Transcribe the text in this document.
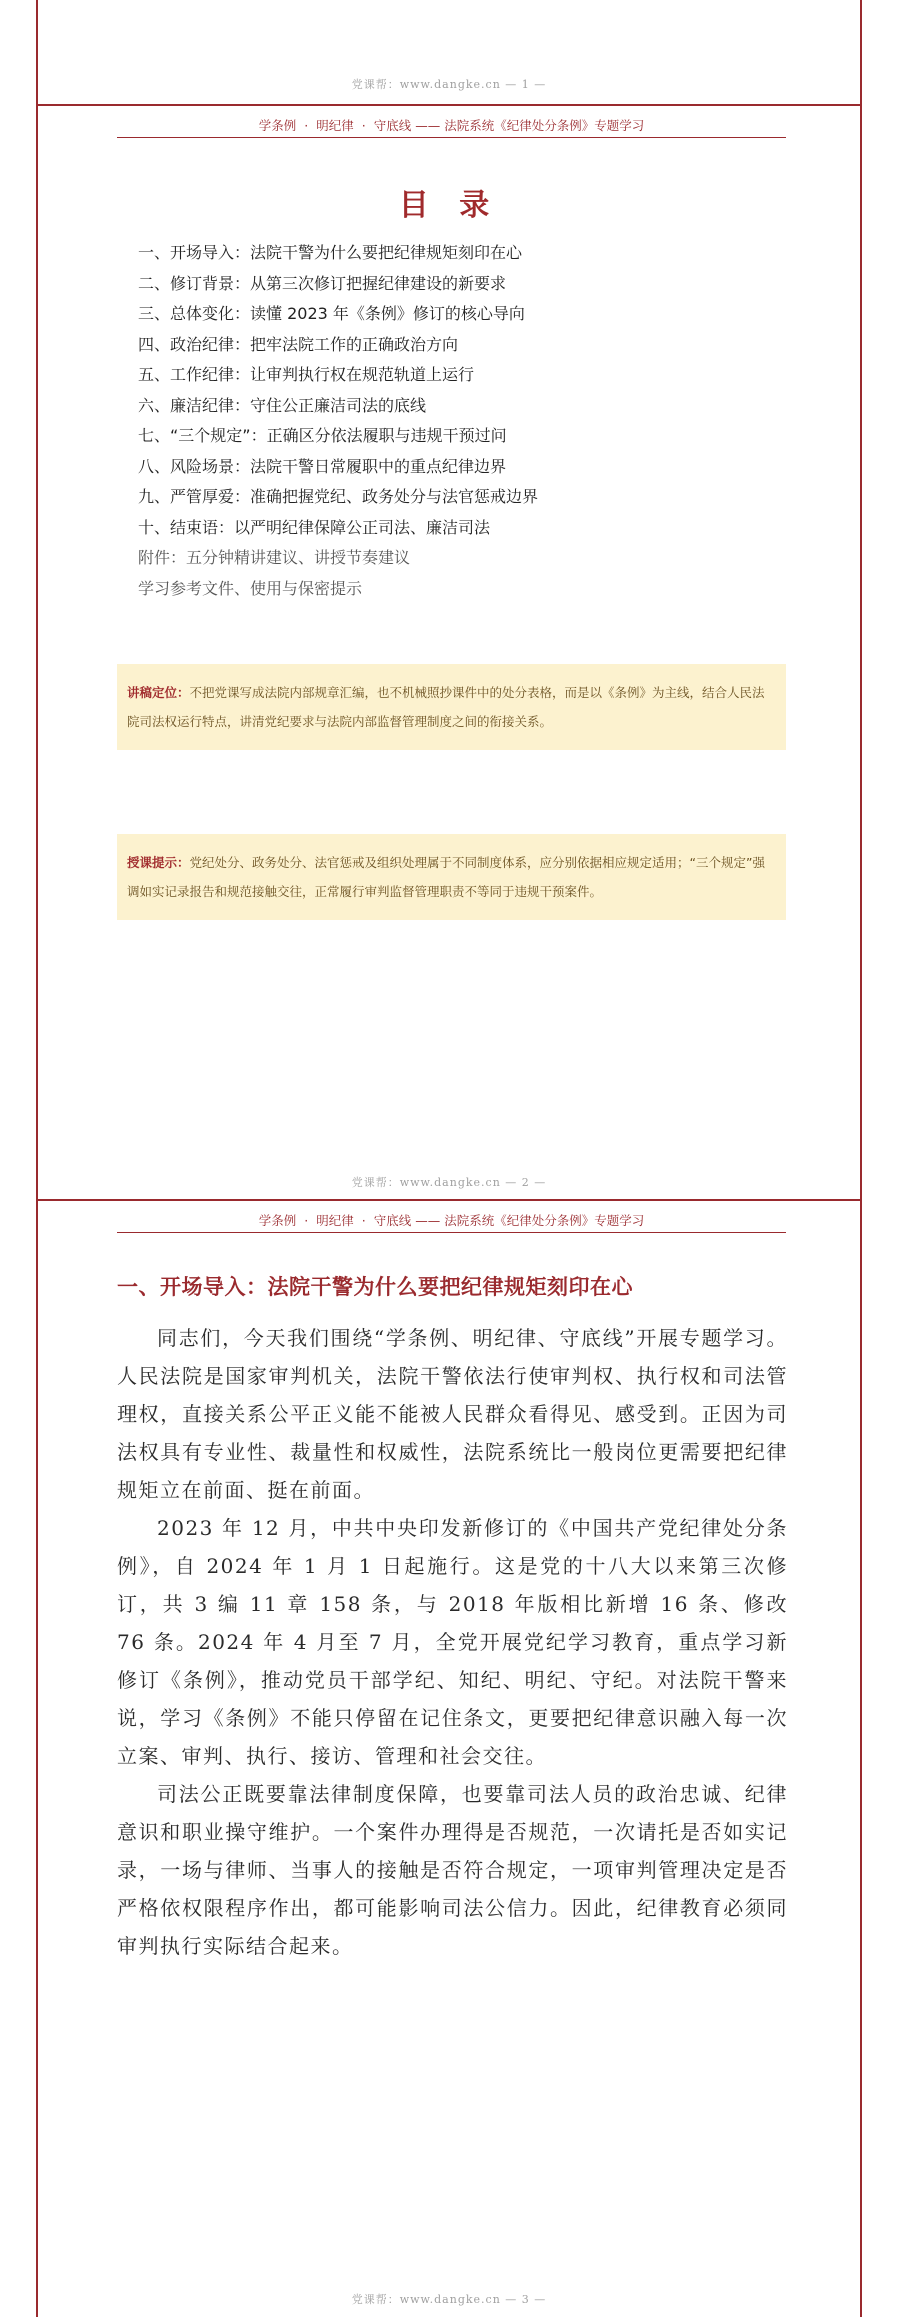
党课帮：www.dangke.cn — 1 —
学条例 · 明纪律 · 守底线 —— 法院系统《纪律处分条例》专题学习
目 录
一、开场导入：法院干警为什么要把纪律规矩刻印在心
二、修订背景：从第三次修订把握纪律建设的新要求
三、总体变化：读懂 2023 年《条例》修订的核心导向
四、政治纪律：把牢法院工作的正确政治方向
五、工作纪律：让审判执行权在规范轨道上运行
六、廉洁纪律：守住公正廉洁司法的底线
七、“三个规定”：正确区分依法履职与违规干预过问
八、风险场景：法院干警日常履职中的重点纪律边界
九、严管厚爱：准确把握党纪、政务处分与法官惩戒边界
十、结束语：以严明纪律保障公正司法、廉洁司法
附件：五分钟精讲建议、讲授节奏建议
学习参考文件、使用与保密提示
讲稿定位：不把党课写成法院内部规章汇编，也不机械照抄课件中的处分表格，而是以《条例》为主线，结合人民法院司法权运行特点，讲清党纪要求与法院内部监督管理制度之间的衔接关系。
授课提示：党纪处分、政务处分、法官惩戒及组织处理属于不同制度体系，应分别依据相应规定适用；“三个规定”强调如实记录报告和规范接触交往，正常履行审判监督管理职责不等同于违规干预案件。
党课帮：www.dangke.cn — 2 —
学条例 · 明纪律 · 守底线 —— 法院系统《纪律处分条例》专题学习
一、开场导入：法院干警为什么要把纪律规矩刻印在心

同志们，今天我们围绕“学条例、明纪律、守底线”开展专题学习。人民法院是国家审判机关，法院干警依法行使审判权、执行权和司法管理权，直接关系公平正义能不能被人民群众看得见、感受到。正因为司法权具有专业性、裁量性和权威性，法院系统比一般岗位更需要把纪律规矩立在前面、挺在前面。

2023 年 12 月，中共中央印发新修订的《中国共产党纪律处分条例》，自 2024 年 1 月 1 日起施行。这是党的十八大以来第三次修订，共 3 编 11 章 158 条，与 2018 年版相比新增 16 条、修改 76 条。2024 年 4 月至 7 月，全党开展党纪学习教育，重点学习新修订《条例》，推动党员干部学纪、知纪、明纪、守纪。对法院干警来说，学习《条例》不能只停留在记住条文，更要把纪律意识融入每一次立案、审判、执行、接访、管理和社会交往。

司法公正既要靠法律制度保障，也要靠司法人员的政治忠诚、纪律意识和职业操守维护。一个案件办理得是否规范，一次请托是否如实记录，一场与律师、当事人的接触是否符合规定，一项审判管理决定是否严格依权限程序作出，都可能影响司法公信力。因此，纪律教育必须同审判执行实际结合起来。

党课帮：www.dangke.cn — 3 —
